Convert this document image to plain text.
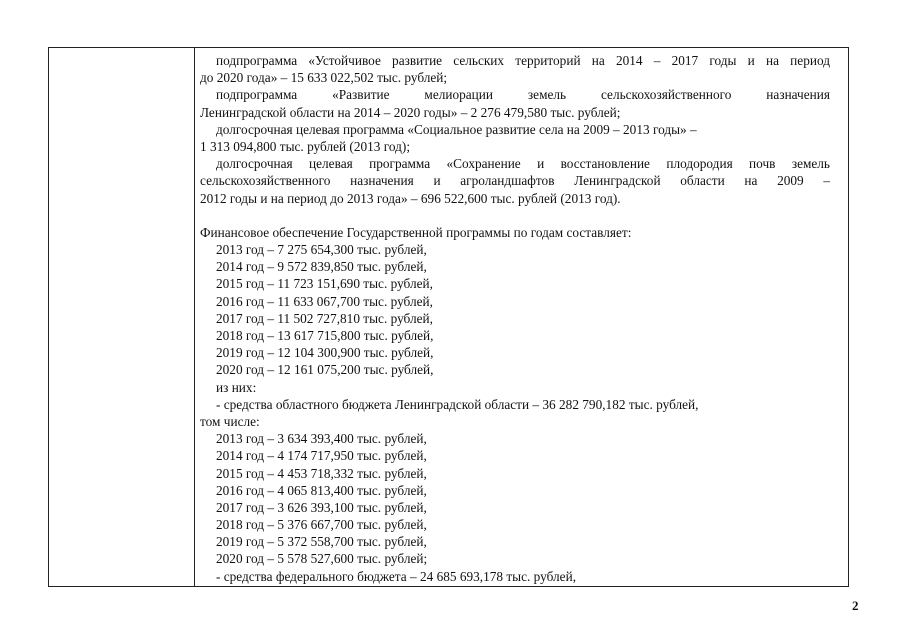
подпрограмма «Устойчивое развитие сельских территорий на 2014 – 2017 годы и на период
до 2020 года» – 15 633 022,502 тыс. рублей;
подпрограмма «Развитие мелиорации земель сельскохозяйственного назначения
Ленинградской области на 2014 – 2020 годы» – 2 276 479,580 тыс. рублей;
долгосрочная целевая программа «Социальное развитие села на 2009 – 2013 годы» –
1 313 094,800 тыс. рублей (2013 год);
долгосрочная целевая программа «Сохранение и восстановление плодородия почв земель
сельскохозяйственного назначения и агроландшафтов Ленинградской области на 2009 –
2012 годы и на период до 2013 года» – 696 522,600 тыс. рублей (2013 год).
Финансовое обеспечение Государственной программы по годам составляет:
2013 год – 7 275 654,300 тыс. рублей,
2014 год – 9 572 839,850 тыс. рублей,
2015 год – 11 723 151,690 тыс. рублей,
2016 год – 11 633 067,700 тыс. рублей,
2017 год – 11 502 727,810 тыс. рублей,
2018 год – 13 617 715,800 тыс. рублей,
2019 год – 12 104 300,900 тыс. рублей,
2020 год – 12 161 075,200 тыс. рублей,
из них:
- средства областного бюджета Ленинградской области – 36 282 790,182 тыс. рублей,
том числе:
2013 год – 3 634 393,400 тыс. рублей,
2014 год – 4 174 717,950 тыс. рублей,
2015 год – 4 453 718,332 тыс. рублей,
2016 год – 4 065 813,400 тыс. рублей,
2017 год – 3 626 393,100 тыс. рублей,
2018 год – 5 376 667,700 тыс. рублей,
2019 год – 5 372 558,700 тыс. рублей,
2020 год – 5 578 527,600 тыс. рублей;
- средства федерального бюджета – 24 685 693,178 тыс. рублей,
2
